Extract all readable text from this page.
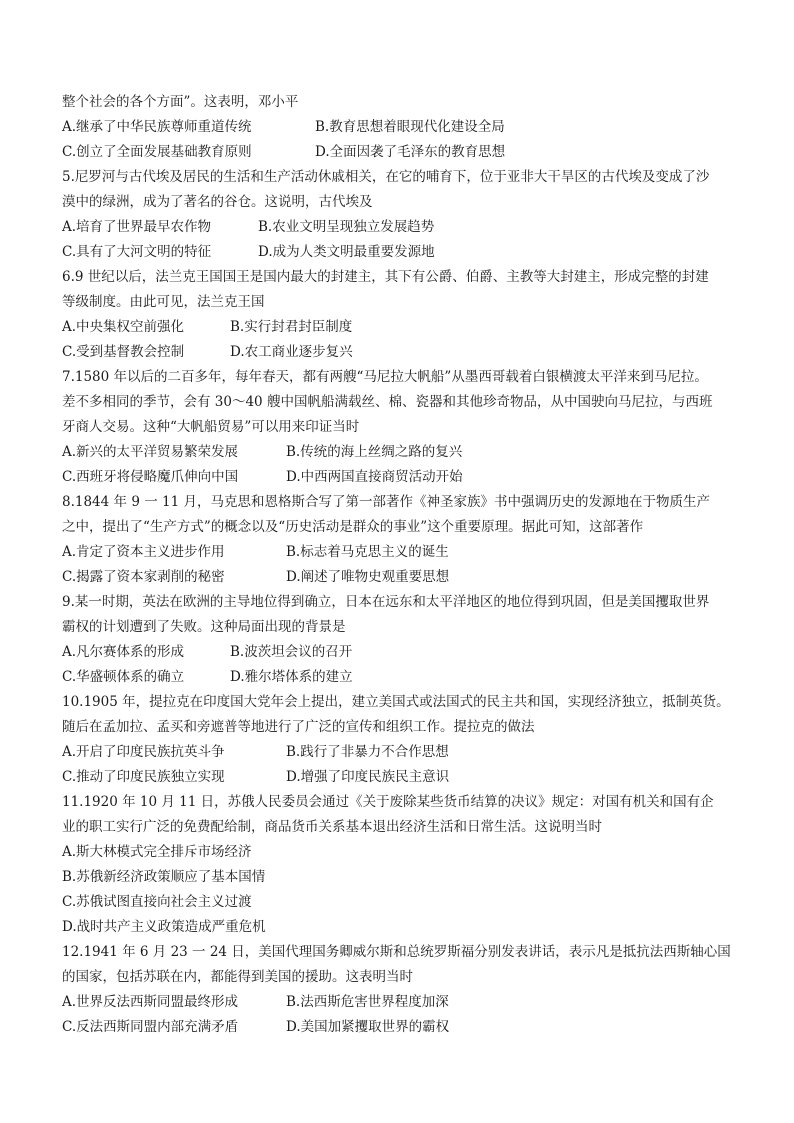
整个社会的各个方面”。这表明，邓小平
A.继承了中华民族尊师重道传统	B.教育思想着眼现代化建设全局
C.创立了全面发展基础教育原则	D.全面因袭了毛泽东的教育思想
5.尼罗河与古代埃及居民的生活和生产活动休戚相关，在它的哺育下，位于亚非大干旱区的古代埃及变成了沙
漠中的绿洲，成为了著名的谷仓。这说明，古代埃及
A.培育了世界最早农作物	B.农业文明呈现独立发展趋势
C.具有了大河文明的特征	D.成为人类文明最重要发源地
6.9 世纪以后，法兰克王国国王是国内最大的封建主，其下有公爵、伯爵、主教等大封建主，形成完整的封建
等级制度。由此可见，法兰克王国
A.中央集权空前强化	B.实行封君封臣制度
C.受到基督教会控制	D.农工商业逐步复兴
7.1580 年以后的二百多年，每年春天，都有两艘“马尼拉大帆船”从墨西哥载着白银横渡太平洋来到马尼拉。
差不多相同的季节，会有 30～40 艘中国帆船满载丝、棉、瓷器和其他珍奇物品，从中国驶向马尼拉，与西班
牙商人交易。这种“大帆船贸易”可以用来印证当时
A.新兴的太平洋贸易繁荣发展	B.传统的海上丝绸之路的复兴
C.西班牙将侵略魔爪伸向中国	D.中西两国直接商贸活动开始
8.1844 年 9 一 11 月，马克思和恩格斯合写了第一部著作《神圣家族》书中强调历史的发源地在于物质生产
之中，提出了“生产方式”的概念以及“历史活动是群众的事业”这个重要原理。据此可知，这部著作
A.肯定了资本主义进步作用	B.标志着马克思主义的诞生
C.揭露了资本家剥削的秘密	D.阐述了唯物史观重要思想
9.某一时期，英法在欧洲的主导地位得到确立，日本在远东和太平洋地区的地位得到巩固，但是美国攫取世界
霸权的计划遭到了失败。这种局面出现的背景是
A.凡尔赛体系的形成	B.波茨坦会议的召开
C.华盛顿体系的确立	D.雅尔塔体系的建立
10.1905 年，提拉克在印度国大党年会上提出，建立美国式或法国式的民主共和国，实现经济独立，抵制英货。
随后在孟加拉、孟买和旁遮普等地进行了广泛的宣传和组织工作。提拉克的做法
A.开启了印度民族抗英斗争	B.践行了非暴力不合作思想
C.推动了印度民族独立实现	D.增强了印度民族民主意识
11.1920 年 10 月 11 日，苏俄人民委员会通过《关于废除某些货币结算的决议》规定：对国有机关和国有企
业的职工实行广泛的免费配给制，商品货币关系基本退出经济生活和日常生活。这说明当时
A.斯大林模式完全排斥市场经济
B.苏俄新经济政策顺应了基本国情
C.苏俄试图直接向社会主义过渡
D.战时共产主义政策造成严重危机
12.1941 年 6 月 23 一 24 日，美国代理国务卿威尔斯和总统罗斯福分别发表讲话，表示凡是抵抗法西斯轴心国
的国家，包括苏联在内，都能得到美国的援助。这表明当时
A.世界反法西斯同盟最终形成	B.法西斯危害世界程度加深
C.反法西斯同盟内部充满矛盾	D.美国加紧攫取世界的霸权
